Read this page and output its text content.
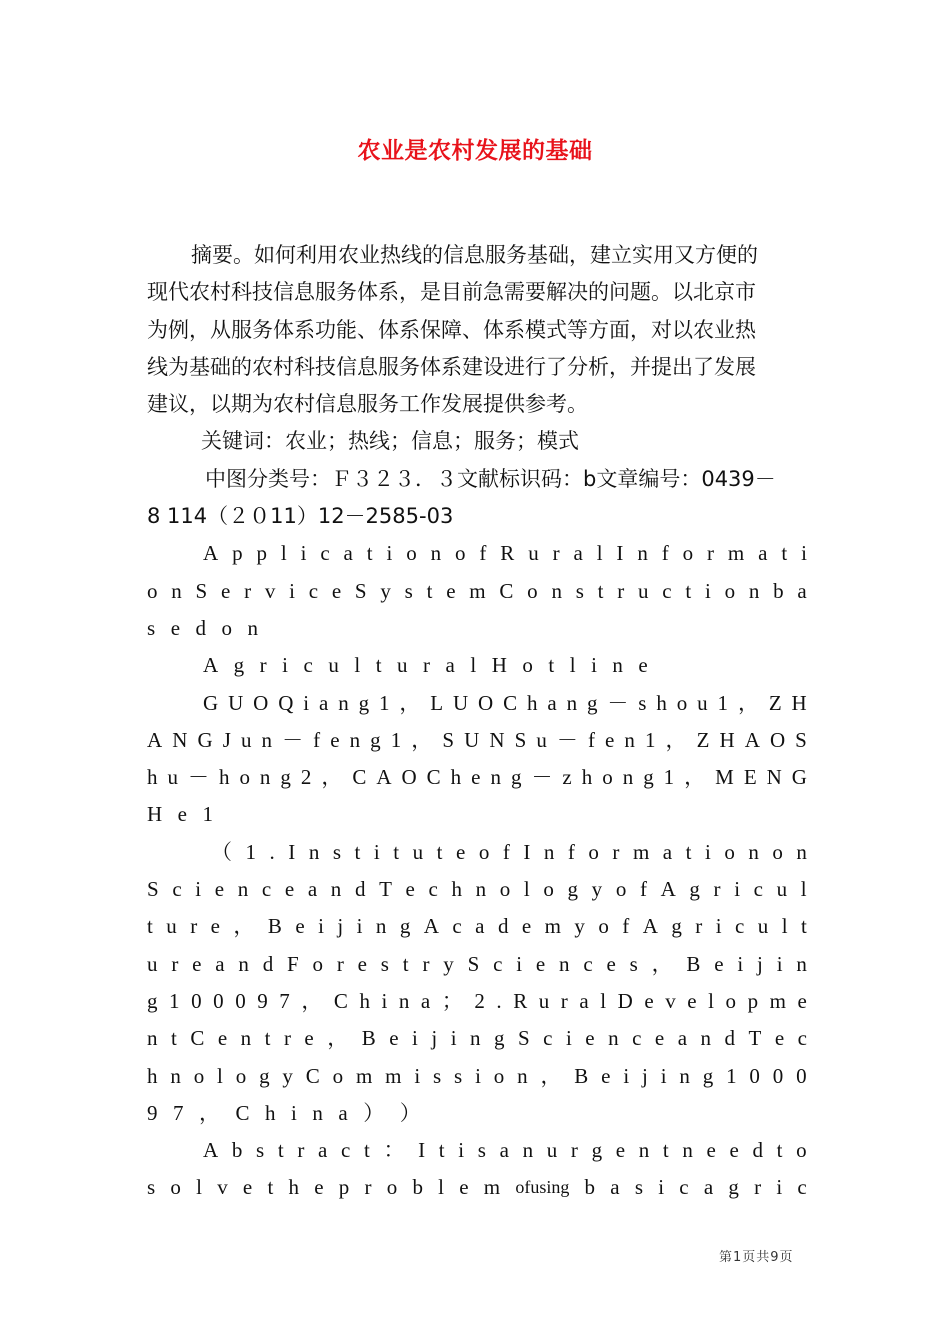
农业是农村发展的基础
摘要。如何利用农业热线的信息服务基础，建立实用又方便的
现代农村科技信息服务体系，是目前急需要解决的问题。以北京市
为例，从服务体系功能、体系保障、体系模式等方面，对以农业热
线为基础的农村科技信息服务体系建设进行了分析，并提出了发展
建议，以期为农村信息服务工作发展提供参考。
关键词：农业；热线；信息；服务；模式
中图分类号：Ｆ３２３．３文献标识码：b文章编号：0439－
8 114（２０11）12－2585-03
A p p l i c a t i o n o f R u r a l I n f o r m a t i
o n S e r v i c e S y s t e m C o n s t r u c t i o n b a
s e d o n
A g r i c u l t u r a l H o t l i n e
G U O Q i a n g 1 ， L U O C h a n g － s h o u 1 ， Z H
A N G J u n － f e n g 1 ， S U N S u － f e n 1 ， Z H A O S
h u － h o n g 2 ， C A O C h e n g － z h o n g 1 ， M E N G
H e 1
（ 1 . I n s t i t u t e o f I n f o r m a t i o n o n
S c i e n c e a n d T e c h n o l o g y o f A g r i c u l
t u r e ， B e i j i n g A c a d e m y o f A g r i c u l t
u r e a n d F o r e s t r y S c i e n c e s ， B e i j i n
g 1 0 0 0 9 7 ， C h i n a ； 2 . R u r a l D e v e l o p m e
n t C e n t r e ， B e i j i n g S c i e n c e a n d T e c
h n o l o g y C o m m i s s i o n ， B e i j i n g 1 0 0 0
9 7 ， C h i n a ） ）
A b s t r a c t ： I t i s a n u r g e n t n e e d t o
s o l v e t h e p r o b l e m ofusing b a s i c a g r i c
第1页共9页
